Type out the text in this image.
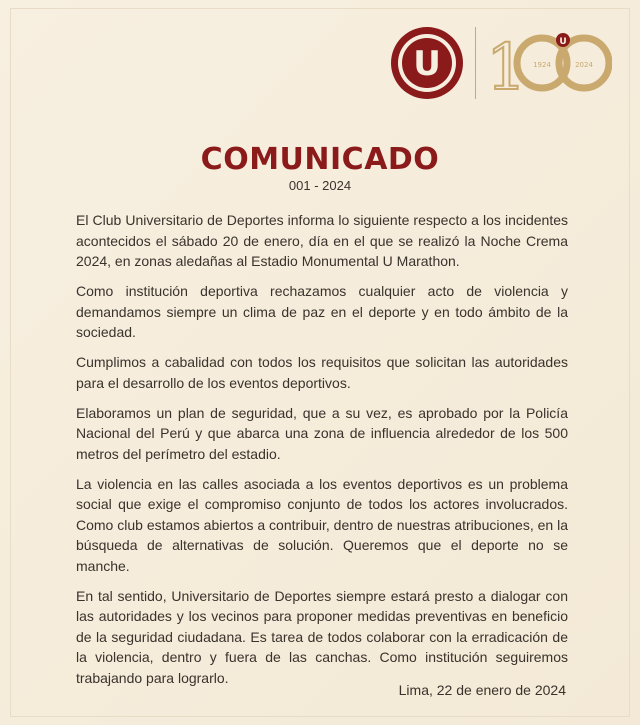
U 1	U
1924	2024
COMUNICADO
001 - 2024

El Club Universitario de Deportes informa lo siguiente respecto a los incidentes acontecidos el sábado 20 de enero, día en el que se realizó la Noche Crema 2024, en zonas aledañas al Estadio Monumental U Marathon.

Como institución deportiva rechazamos cualquier acto de violencia y demandamos siempre un clima de paz en el deporte y en todo ámbito de la sociedad.

Cumplimos a cabalidad con todos los requisitos que solicitan las autoridades para el desarrollo de los eventos deportivos.

Elaboramos un plan de seguridad, que a su vez, es aprobado por la Policía Nacional del Perú y que abarca una zona de influencia alrededor de los 500 metros del perímetro del estadio.

La violencia en las calles asociada a los eventos deportivos es un problema social que exige el compromiso conjunto de todos los actores involucrados. Como club estamos abiertos a contribuir, dentro de nuestras atribuciones, en la búsqueda de alternativas de solución. Queremos que el deporte no se manche.

En tal sentido, Universitario de Deportes siempre estará presto a dialogar con las autoridades y los vecinos para proponer medidas preventivas en beneficio de la seguridad ciudadana. Es tarea de todos colaborar con la erradicación de la violencia, dentro y fuera de las canchas. Como institución seguiremos trabajando para lograrlo.

Lima, 22 de enero de 2024
